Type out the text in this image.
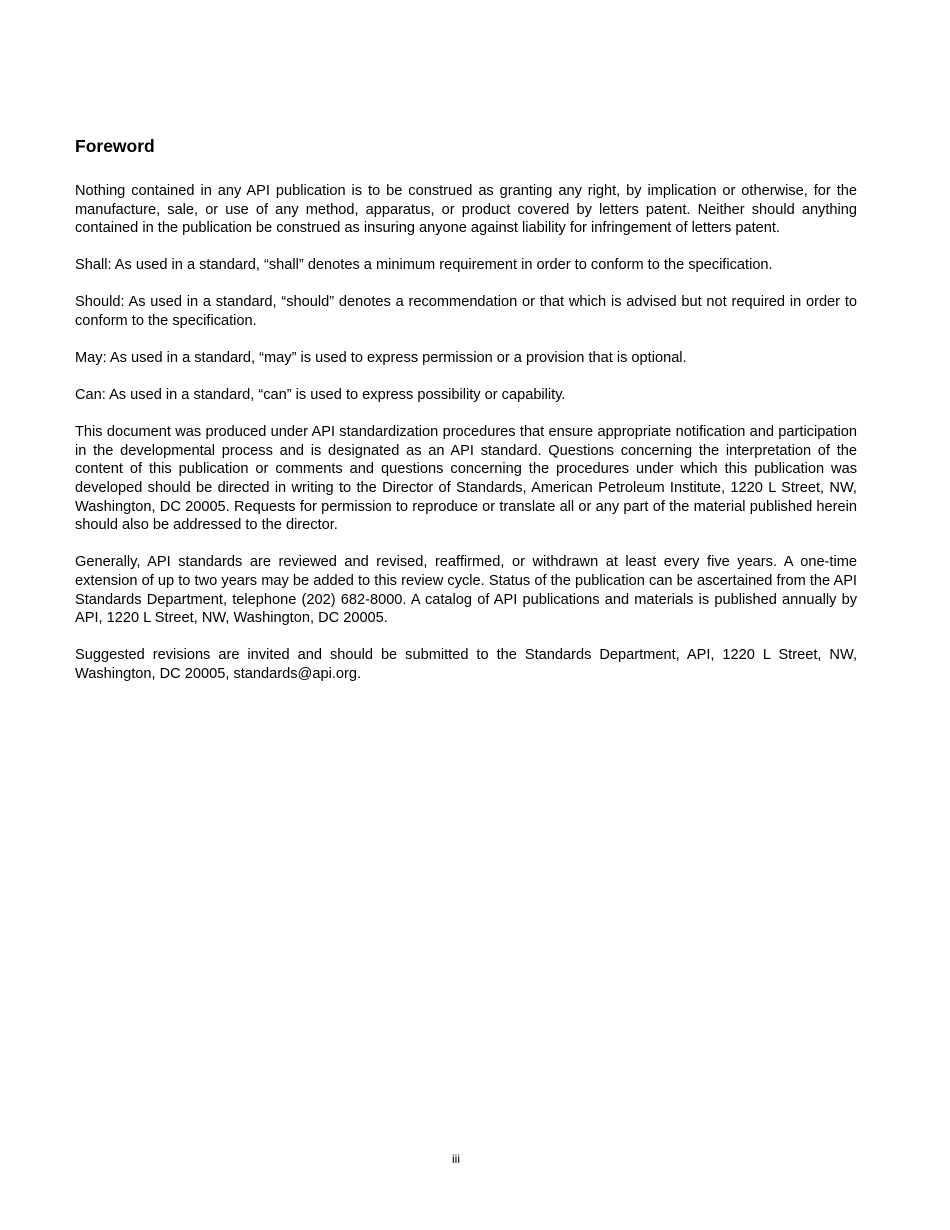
Foreword

Nothing contained in any API publication is to be construed as granting any right, by implication or otherwise, for the manufacture, sale, or use of any method, apparatus, or product covered by letters patent. Neither should anything contained in the publication be construed as insuring anyone against liability for infringement of letters patent.

Shall: As used in a standard, “shall” denotes a minimum requirement in order to conform to the specification.

Should: As used in a standard, “should” denotes a recommendation or that which is advised but not required in order to conform to the specification.

May: As used in a standard, “may” is used to express permission or a provision that is optional.

Can: As used in a standard, “can” is used to express possibility or capability.

This document was produced under API standardization procedures that ensure appropriate notification and participation in the developmental process and is designated as an API standard. Questions concerning the interpretation of the content of this publication or comments and questions concerning the procedures under which this publication was developed should be directed in writing to the Director of Standards, American Petroleum Institute, 1220 L Street, NW, Washington, DC 20005. Requests for permission to reproduce or translate all or any part of the material published herein should also be addressed to the director.

Generally, API standards are reviewed and revised, reaffirmed, or withdrawn at least every five years. A one-time extension of up to two years may be added to this review cycle. Status of the publication can be ascertained from the API Standards Department, telephone (202) 682-8000. A catalog of API publications and materials is published annually by API, 1220 L Street, NW, Washington, DC 20005.

Suggested revisions are invited and should be submitted to the Standards Department, API, 1220 L Street, NW, Washington, DC 20005, standards@api.org.

iii
